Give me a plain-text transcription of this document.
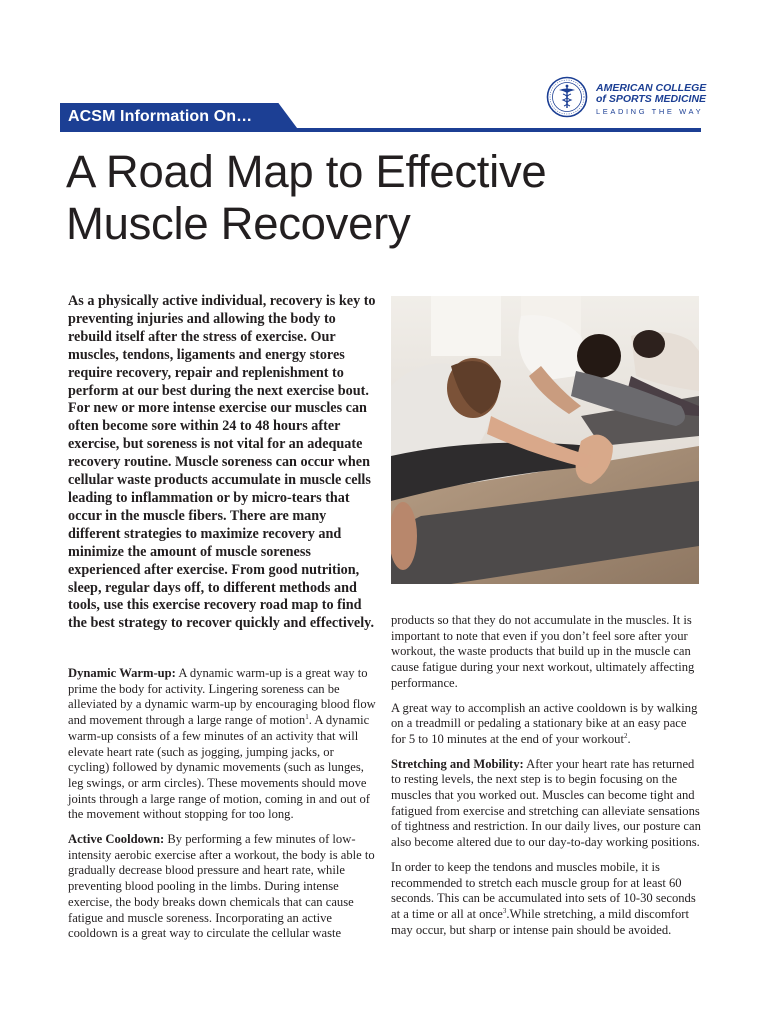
ACSM Information On…
AMERICAN COLLEGE
of SPORTS MEDICINE
LEADING THE WAY
A Road Map to Effective
Muscle Recovery

As a physically active individual, recovery is key to preventing injuries and allowing the body to rebuild itself after the stress of exercise. Our muscles, tendons, ligaments and energy stores require recovery, repair and replenishment to perform at our best during the next exercise bout. For new or more intense exercise our muscles can often become sore within 24 to 48 hours after exercise, but soreness is not vital for an adequate recovery routine. Muscle soreness can occur when cellular waste products accumulate in muscle cells leading to inflammation or by micro-tears that occur in the muscle fibers. There are many different strategies to maximize recovery and minimize the amount of muscle soreness experienced after exercise. From good nutrition, sleep, regular days off, to different methods and tools, use this exercise recovery road map to find the best strategy to recover quickly and effectively.

Dynamic Warm-up: A dynamic warm-up is a great way to prime the body for activity. Lingering soreness can be alleviated by a dynamic warm-up by encouraging blood flow and movement through a large range of motion$^1$. A dynamic warm-up consists of a few minutes of an activity that will elevate heart rate (such as jogging, jumping jacks, or cycling) followed by dynamic movements (such as lunges, leg swings, or arm circles). These movements should move joints through a large range of motion, coming in and out of the movement without stopping for too long.

Active Cooldown: By performing a few minutes of low-intensity aerobic exercise after a workout, the body is able to gradually decrease blood pressure and heart rate, while preventing blood pooling in the limbs. During intense exercise, the body breaks down chemicals that can cause fatigue and muscle soreness. Incorporating an active cooldown is a great way to circulate the cellular waste

products so that they do not accumulate in the muscles. It is important to note that even if you don’t feel sore after your workout, the waste products that build up in the muscle can cause fatigue during your next workout, ultimately affecting performance.

A great way to accomplish an active cooldown is by walking on a treadmill or pedaling a stationary bike at an easy pace for 5 to 10 minutes at the end of your workout$^2$.

Stretching and Mobility: After your heart rate has returned to resting levels, the next step is to begin focusing on the muscles that you worked out. Muscles can become tight and fatigued from exercise and stretching can alleviate sensations of tightness and restriction. In our daily lives, our posture can also become altered due to our day-to-day working positions.

In order to keep the tendons and muscles mobile, it is recommended to stretch each muscle group for at least 60 seconds. This can be accumulated into sets of 10-30 seconds at a time or all at once$^3$.While stretching, a mild discomfort may occur, but sharp or intense pain should be avoided.
